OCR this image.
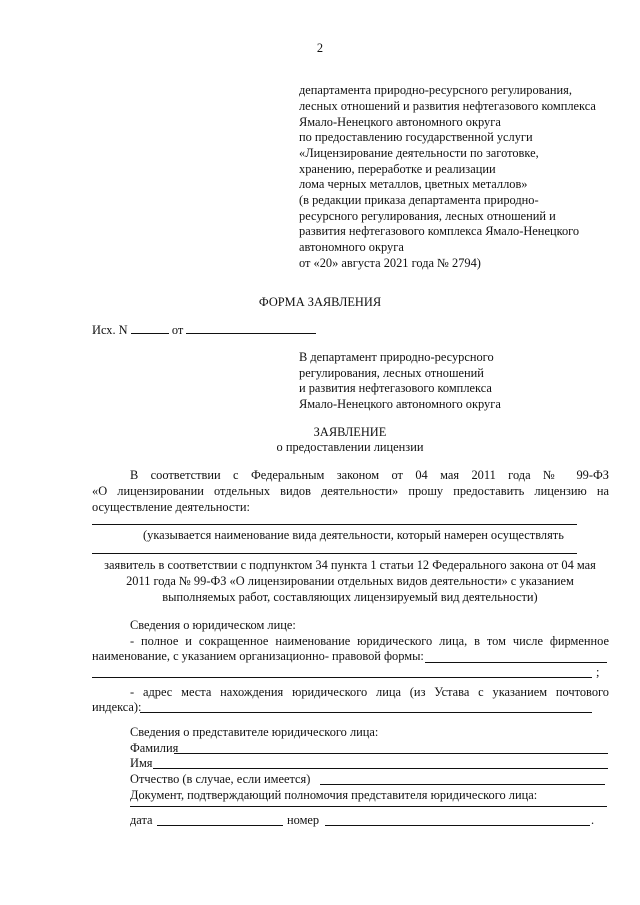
2
департамента природно-ресурсного регулирования,
лесных отношений и развития нефтегазового комплекса
Ямало-Ненецкого автономного округа
по предоставлению государственной услуги
«Лицензирование деятельности по заготовке,
хранению, переработке и реализации
лома черных металлов, цветных металлов»
(в редакции приказа департамента природно-
ресурсного регулирования, лесных отношений и
развития нефтегазового комплекса Ямало-Ненецкого
автономного округа
от «20» августа 2021 года № 2794)
ФОРМА ЗАЯВЛЕНИЯ
Исх. N	от
В департамент природно-ресурсного
регулирования, лесных отношений
и развития нефтегазового комплекса
Ямало-Ненецкого автономного округа
ЗАЯВЛЕНИЕ
о предоставлении лицензии
В соответствии с Федеральным законом от 04 мая 2011 года № 99-ФЗ
«О лицензировании отдельных видов деятельности» прошу предоставить лицензию на
осуществление деятельности:
(указывается наименование вида деятельности, который намерен осуществлять
заявитель в соответствии с подпунктом 34 пункта 1 статьи 12 Федерального закона от 04 мая
2011 года № 99-ФЗ «О лицензировании отдельных видов деятельности» с указанием
выполняемых работ, составляющих лицензируемый вид деятельности)
Сведения о юридическом лице:
- полное и сокращенное наименование юридического лица, в том числе фирменное
наименование, с указанием организационно- правовой формы:
;
- адрес места нахождения юридического лица (из Устава с указанием почтового
индекса):
Сведения о представителе юридического лица:
Фамилия
Имя
Отчество (в случае, если имеется)
Документ, подтверждающий полномочия представителя юридического лица:
дата	номер	.
